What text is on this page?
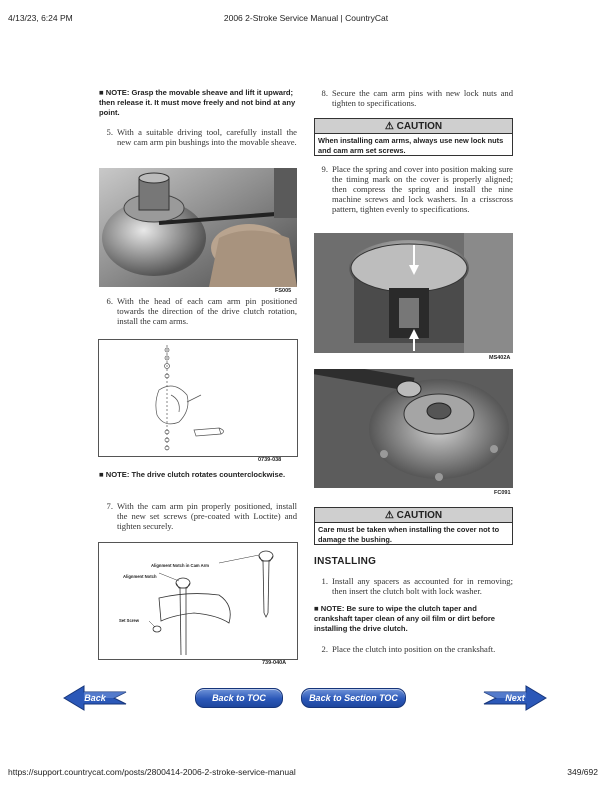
4/13/23, 6:24 PM	2006 2-Stroke Service Manual | CountryCat
■ NOTE: Grasp the movable sheave and lift it upward; then release it. It must move freely and not bind at any point.
5. With a suitable driving tool, carefully install the new cam arm pin bushings into the movable sheave.
FS005
6. With the head of each cam arm pin positioned towards the direction of the drive clutch rotation, install the cam arms.
0739-038
■ NOTE: The drive clutch rotates counterclockwise.
7. With the cam arm pin properly positioned, install the new set screws (pre-coated with Loctite) and tighten securely.
Alignment Notch in Cam Arm
Alignment Notch
Set Screw
739-040A
8. Secure the cam arm pins with new lock nuts and tighten to specifications.
⚠ CAUTION
When installing cam arms, always use new lock nuts and cam arm set screws.
9. Place the spring and cover into position making sure the timing mark on the cover is properly aligned; then compress the spring and install the nine machine screws and lock washers. In a crisscross pattern, tighten evenly to specifications.
MS402A
FC091
⚠ CAUTION
Care must be taken when installing the cover not to damage the bushing.
INSTALLING
1. Install any spacers as accounted for in removing; then insert the clutch bolt with lock washer.
■ NOTE: Be sure to wipe the clutch taper and crankshaft taper clean of any oil film or dirt before installing the drive clutch.
2. Place the clutch into position on the crankshaft.
Back	Back to TOC	Back to Section TOC	Next
https://support.countrycat.com/posts/2800414-2006-2-stroke-service-manual	349/692
